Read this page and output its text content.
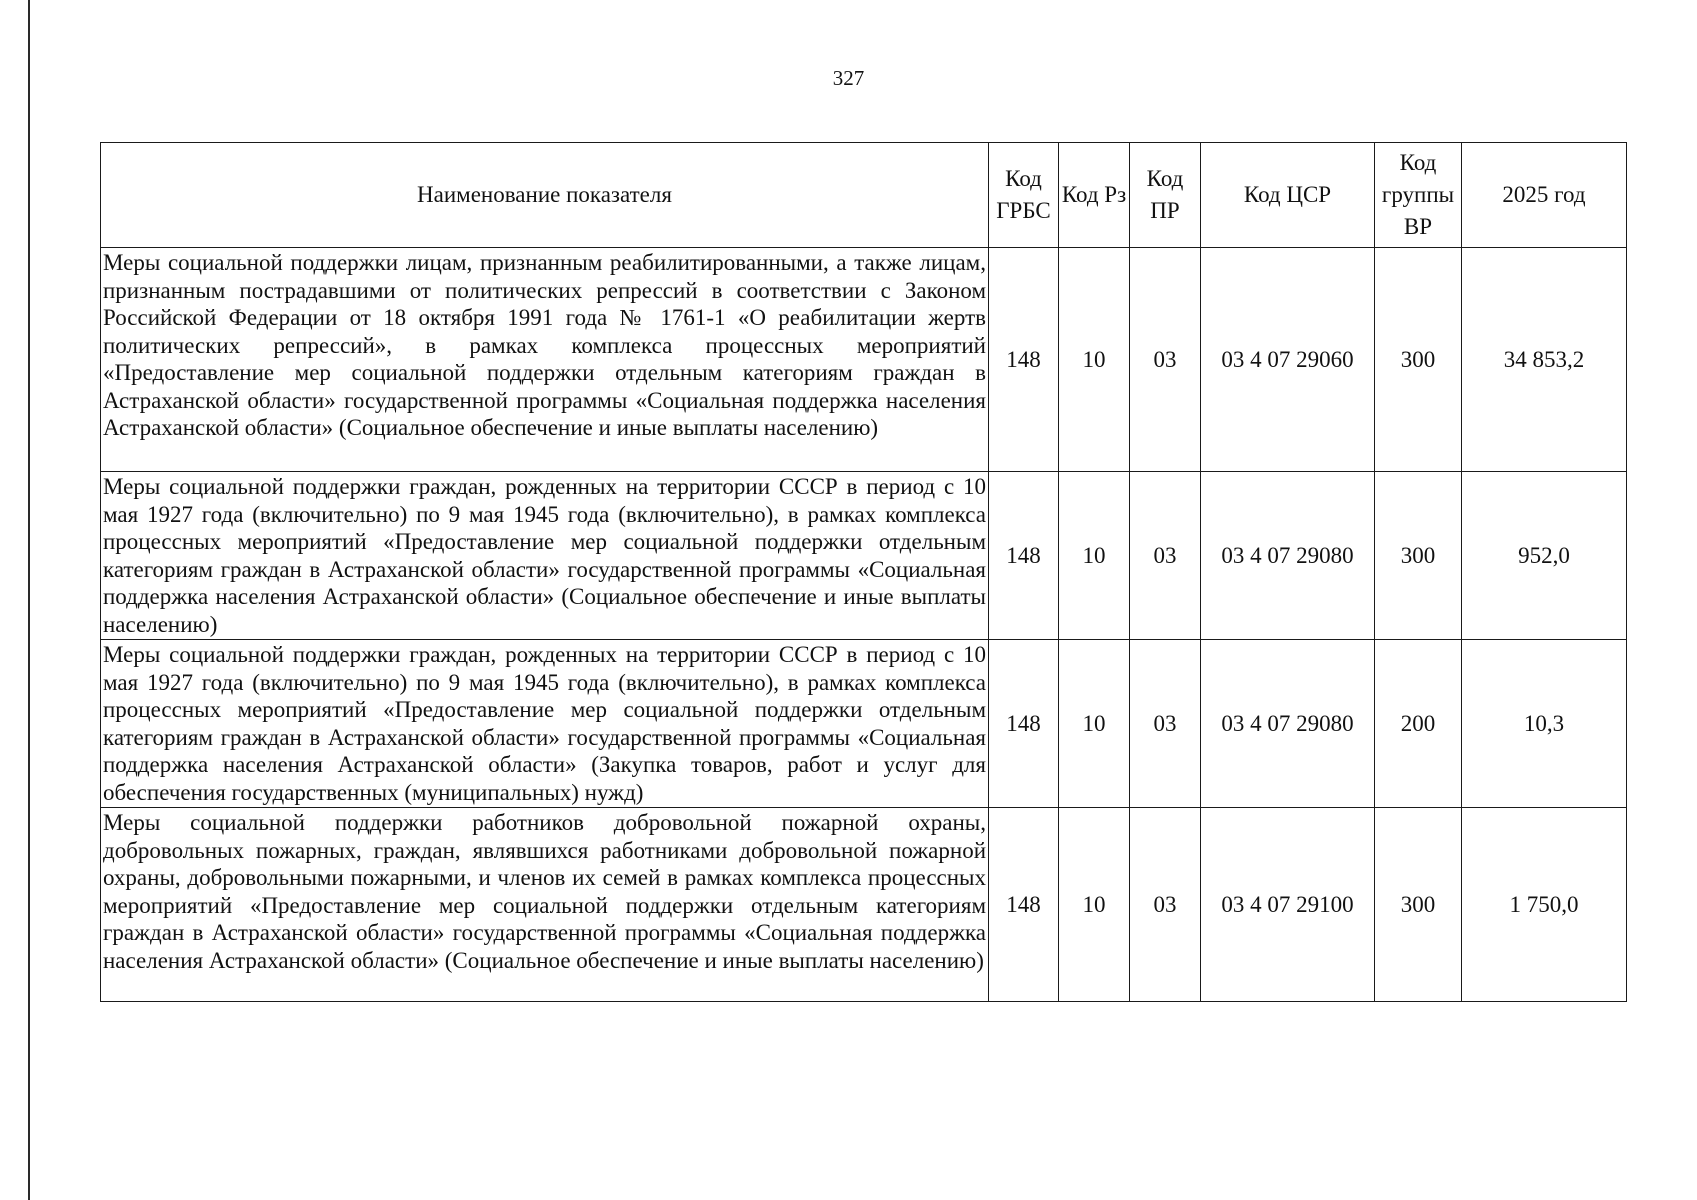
327
Наименование показателя	Код ГРБС	Код Рз	Код ПР	Код ЦСР	Код группы ВР	2025 год
Меры социальной поддержки лицам, признанным реабилитированными, а также лицам, признанным пострадавшими от политических репрессий в соответствии с Законом Российской Федерации от 18 октября 1991 года № 1761-1 «О реабилитации жертв политических репрессий», в рамках комплекса процессных мероприятий «Предоставление мер социальной поддержки отдельным категориям граждан в Астраханской области» государственной программы «Социальная поддержка населения Астраханской области» (Социальное обеспечение и иные выплаты населению)	148	10	03	03 4 07 29060	300	34 853,2
Меры социальной поддержки граждан, рожденных на территории СССР в период с 10 мая 1927 года (включительно) по 9 мая 1945 года (включительно), в рамках комплекса процессных мероприятий «Предоставление мер социальной поддержки отдельным категориям граждан в Астраханской области» государственной программы «Социальная поддержка населения Астраханской области» (Социальное обеспечение и иные выплаты населению)	148	10	03	03 4 07 29080	300	952,0
Меры социальной поддержки граждан, рожденных на территории СССР в период с 10 мая 1927 года (включительно) по 9 мая 1945 года (включительно), в рамках комплекса процессных мероприятий «Предоставление мер социальной поддержки отдельным категориям граждан в Астраханской области» государственной программы «Социальная поддержка населения Астраханской области» (Закупка товаров, работ и услуг для обеспечения государственных (муниципальных) нужд)	148	10	03	03 4 07 29080	200	10,3
Меры социальной поддержки работников добровольной пожарной охраны, добровольных пожарных, граждан, являвшихся работниками добровольной пожарной охраны, добровольными пожарными, и членов их семей в рамках комплекса процессных мероприятий «Предоставление мер социальной поддержки отдельным категориям граждан в Астраханской области» государственной программы «Социальная поддержка населения Астраханской области» (Социальное обеспечение и иные выплаты населению)	148	10	03	03 4 07 29100	300	1 750,0
